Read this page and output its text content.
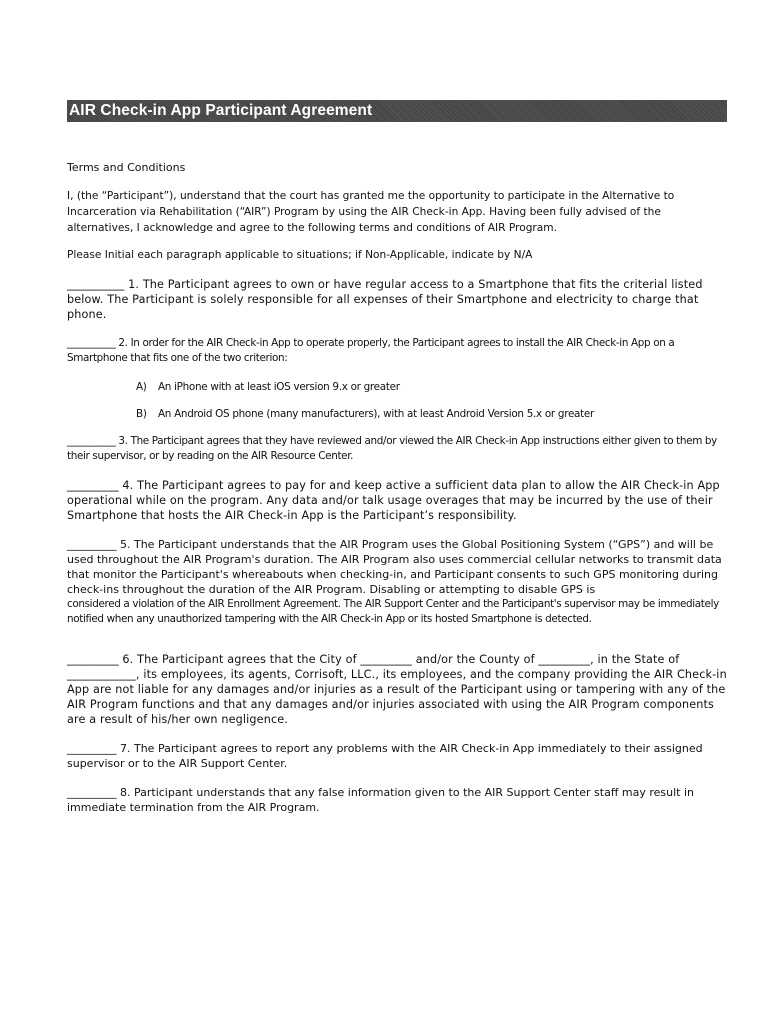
AIR Check-in App Participant Agreement

Terms and Conditions

I, (the “Participant”), understand that the court has granted me the opportunity to participate in the Alternative to Incarceration via Rehabilitation (“AIR”) Program by using the AIR Check-in App. Having been fully advised of the alternatives, I acknowledge and agree to the following terms and conditions of AIR Program.

Please Initial each paragraph applicable to situations; if Non-Applicable, indicate by N/A

__________ 1. The Participant agrees to own or have regular access to a Smartphone that fits the criterial listed below. The Participant is solely responsible for all expenses of their Smartphone and electricity to charge that phone.

__________ 2. In order for the AIR Check-in App to operate properly, the Participant agrees to install the AIR Check-in App on a Smartphone that fits one of the two criterion:

A) An iPhone with at least iOS version 9.x or greater
B) An Android OS phone (many manufacturers), with at least Android Version 5.x or greater

__________ 3. The Participant agrees that they have reviewed and/or viewed the AIR Check-in App instructions either given to them by their supervisor, or by reading on the AIR Resource Center.

_________ 4. The Participant agrees to pay for and keep active a sufficient data plan to allow the AIR Check-in App operational while on the program. Any data and/or talk usage overages that may be incurred by the use of their Smartphone that hosts the AIR Check-in App is the Participant’s responsibility.

_________ 5. The Participant understands that the AIR Program uses the Global Positioning System (“GPS”) and will be used throughout the AIR Program's duration. The AIR Program also uses commercial cellular networks to transmit data that monitor the Participant's whereabouts when checking-in, and Participant consents to such GPS monitoring during check-ins throughout the duration of the AIR Program. Disabling or attempting to disable GPS is

considered a violation of the AIR Enrollment Agreement. The AIR Support Center and the Participant's supervisor may be immediately notified when any unauthorized tampering with the AIR Check-in App or its hosted Smartphone is detected.

_________ 6. The Participant agrees that the City of _________ and/or the County of _________, in the State of ____________, its employees, its agents, Corrisoft, LLC., its employees, and the company providing the AIR Check-in App are not liable for any damages and/or injuries as a result of the Participant using or tampering with any of the AIR Program functions and that any damages and/or injuries associated with using the AIR Program components are a result of his/her own negligence.

_________ 7. The Participant agrees to report any problems with the AIR Check-in App immediately to their assigned supervisor or to the AIR Support Center.

_________ 8. Participant understands that any false information given to the AIR Support Center staff may result in immediate termination from the AIR Program.
